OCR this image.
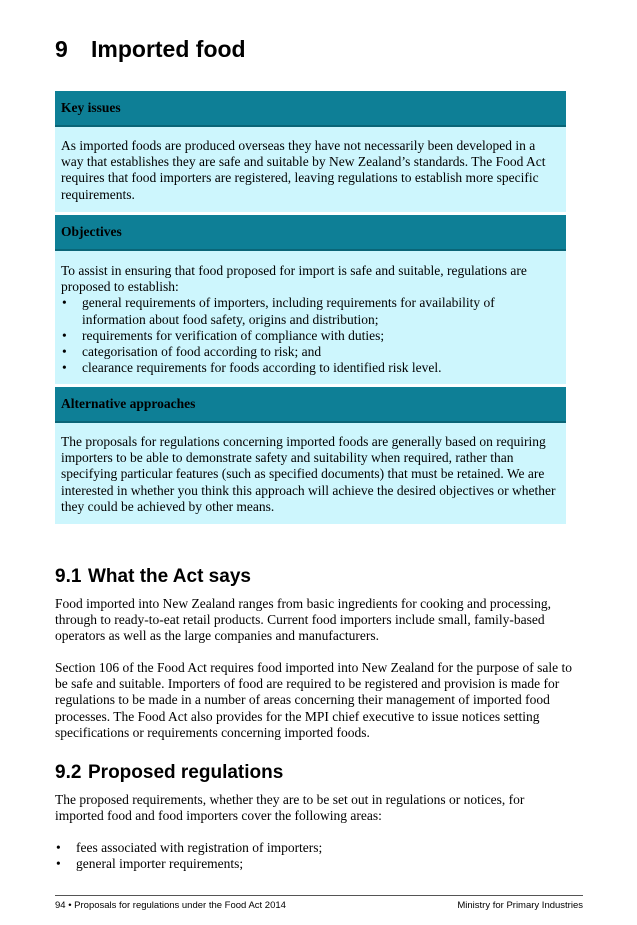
9 Imported food
Key issues

As imported foods are produced overseas they have not necessarily been developed in a way that establishes they are safe and suitable by New Zealand’s standards. The Food Act requires that food importers are registered, leaving regulations to establish more specific requirements.

Objectives

To assist in ensuring that food proposed for import is safe and suitable, regulations are proposed to establish:

• general requirements of importers, including requirements for availability of information about food safety, origins and distribution;
• requirements for verification of compliance with duties;
• categorisation of food according to risk; and
• clearance requirements for foods according to identified risk level.
Alternative approaches

The proposals for regulations concerning imported foods are generally based on requiring importers to be able to demonstrate safety and suitability when required, rather than specifying particular features (such as specified documents) that must be retained. We are interested in whether you think this approach will achieve the desired objectives or whether they could be achieved by other means.

9.1 What the Act says

Food imported into New Zealand ranges from basic ingredients for cooking and processing, through to ready-to-eat retail products. Current food importers include small, family-based operators as well as the large companies and manufacturers.

Section 106 of the Food Act requires food imported into New Zealand for the purpose of sale to be safe and suitable. Importers of food are required to be registered and provision is made for regulations to be made in a number of areas concerning their management of imported food processes. The Food Act also provides for the MPI chief executive to issue notices setting specifications or requirements concerning imported foods.

9.2 Proposed regulations

The proposed requirements, whether they are to be set out in regulations or notices, for imported food and food importers cover the following areas:

• fees associated with registration of importers;
• general importer requirements;
94 • Proposals for regulations under the Food Act 2014	Ministry for Primary Industries
